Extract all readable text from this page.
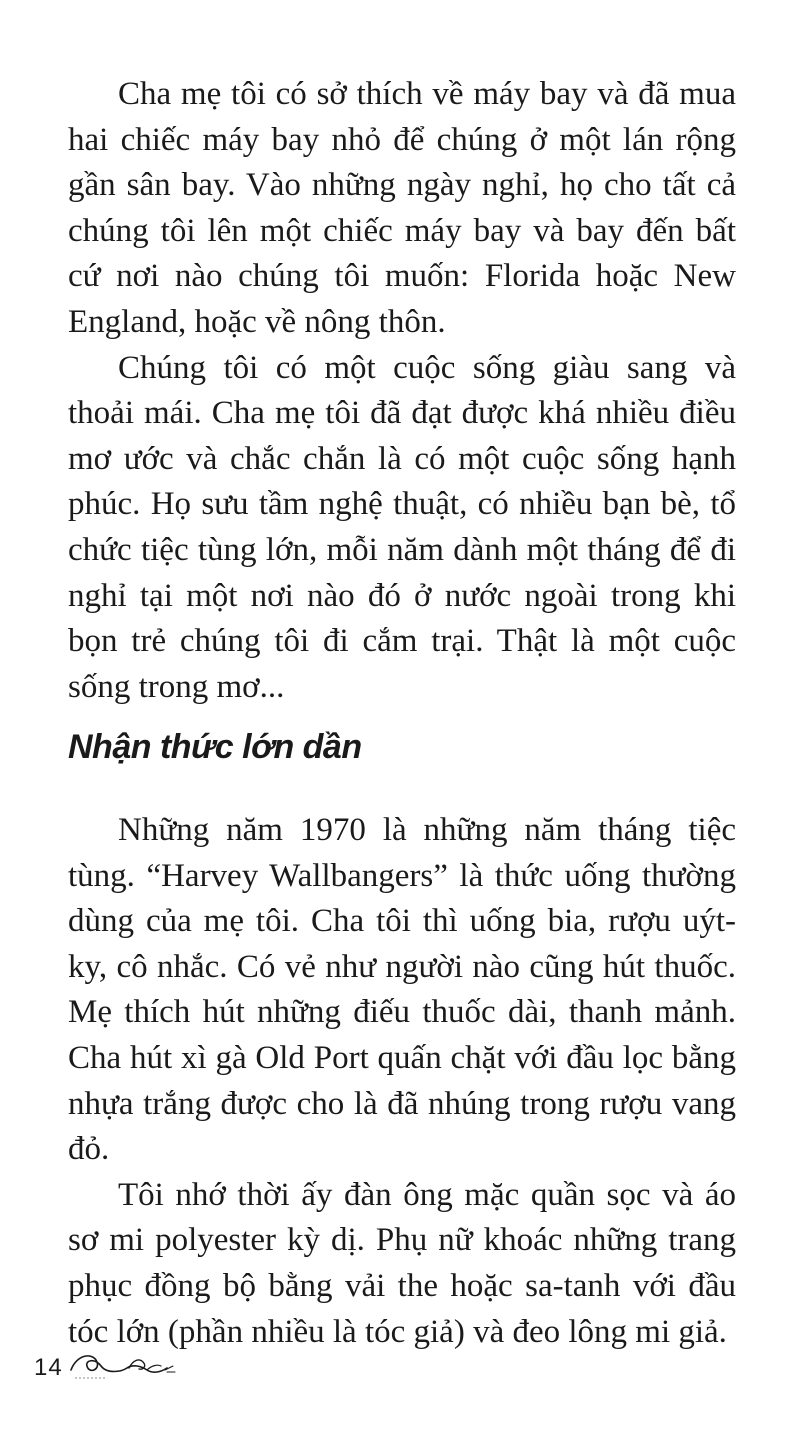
Cha mẹ tôi có sở thích về máy bay và đã mua hai chiếc máy bay nhỏ để chúng ở một lán rộng gần sân bay. Vào những ngày nghỉ, họ cho tất cả chúng tôi lên một chiếc máy bay và bay đến bất cứ nơi nào chúng tôi muốn: Florida hoặc New England, hoặc về nông thôn.

Chúng tôi có một cuộc sống giàu sang và thoải mái. Cha mẹ tôi đã đạt được khá nhiều điều mơ ước và chắc chắn là có một cuộc sống hạnh phúc. Họ sưu tầm nghệ thuật, có nhiều bạn bè, tổ chức tiệc tùng lớn, mỗi năm dành một tháng để đi nghỉ tại một nơi nào đó ở nước ngoài trong khi bọn trẻ chúng tôi đi cắm trại. Thật là một cuộc sống trong mơ...

Nhận thức lớn dần

Những năm 1970 là những năm tháng tiệc tùng. “Harvey Wallbangers” là thức uống thường dùng của mẹ tôi. Cha tôi thì uống bia, rượu uýt-ky, cô nhắc. Có vẻ như người nào cũng hút thuốc. Mẹ thích hút những điếu thuốc dài, thanh mảnh. Cha hút xì gà Old Port quấn chặt với đầu lọc bằng nhựa trắng được cho là đã nhúng trong rượu vang đỏ.

Tôi nhớ thời ấy đàn ông mặc quần sọc và áo sơ mi polyester kỳ dị. Phụ nữ khoác những trang phục đồng bộ bằng vải the hoặc sa-tanh với đầu tóc lớn (phần nhiều là tóc giả) và đeo lông mi giả.

14
